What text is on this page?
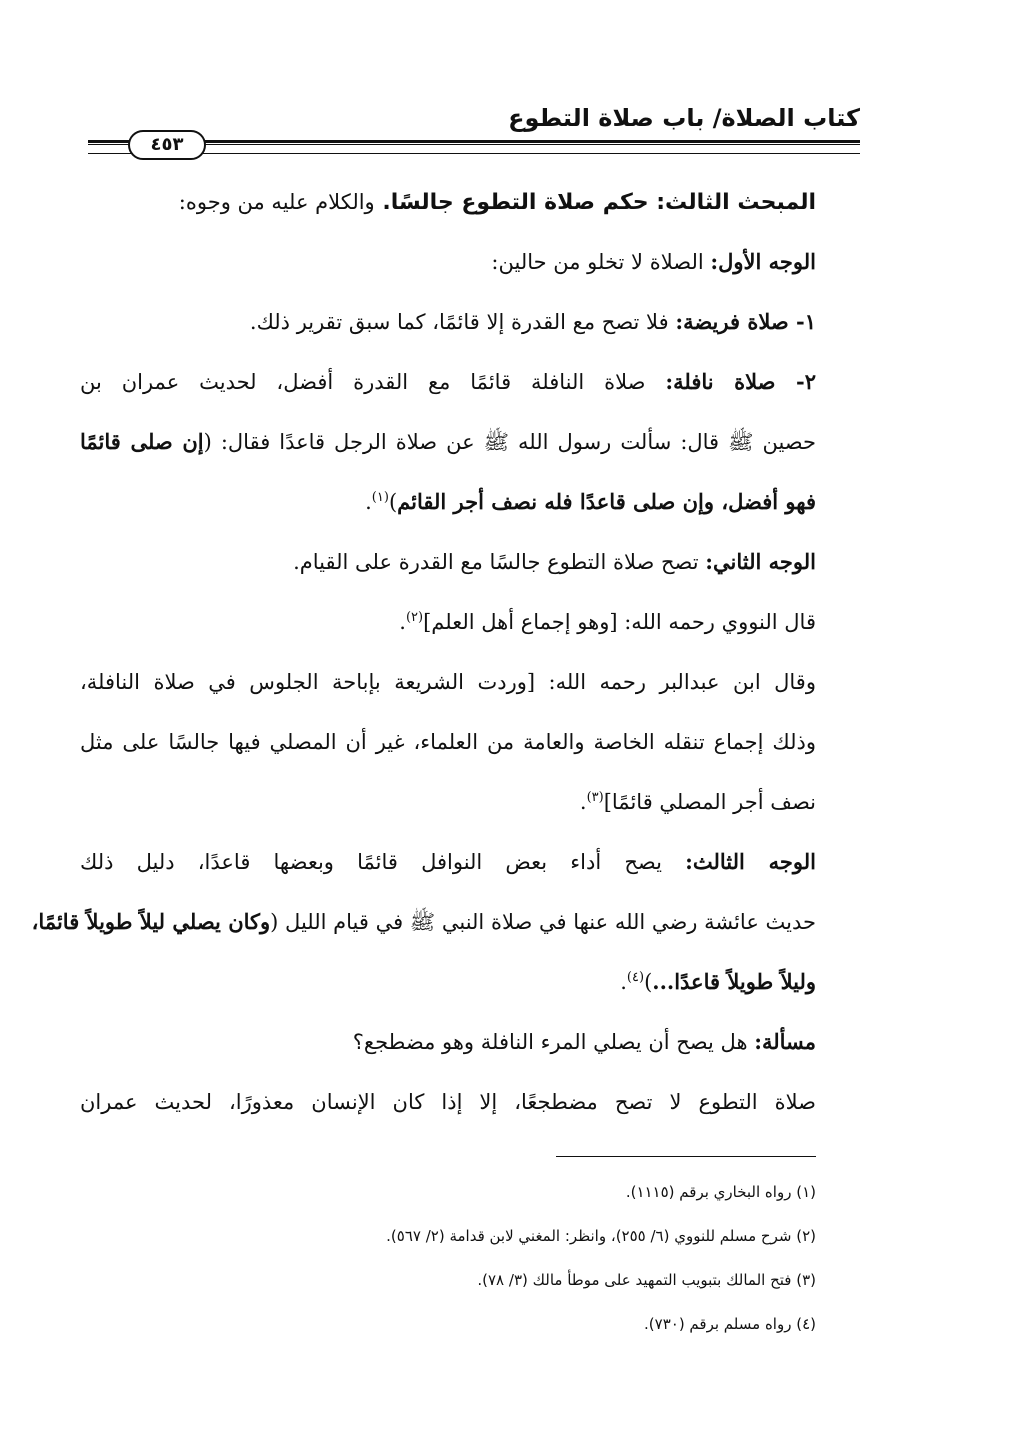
كتاب الصلاة/ باب صلاة التطوع
٤٥٣
المبحث الثالث: حكم صلاة التطوع جالسًا. والكلام عليه من وجوه:
الوجه الأول: الصلاة لا تخلو من حالين:
١- صلاة فريضة: فلا تصح مع القدرة إلا قائمًا، كما سبق تقرير ذلك.
٢- صلاة نافلة: صلاة النافلة قائمًا مع القدرة أفضل، لحديث عمران بن
حصين ﷺ قال: سألت رسول الله ﷺ عن صلاة الرجل قاعدًا فقال: (إن صلى قائمًا
فهو أفضل، وإن صلى قاعدًا فله نصف أجر القائم)$^{(١)}$.
الوجه الثاني: تصح صلاة التطوع جالسًا مع القدرة على القيام.
قال النووي رحمه الله: [وهو إجماع أهل العلم]$^{(٢)}$.
وقال ابن عبدالبر رحمه الله: [وردت الشريعة بإباحة الجلوس في صلاة النافلة،
وذلك إجماع تنقله الخاصة والعامة من العلماء، غير أن المصلي فيها جالسًا على مثل
نصف أجر المصلي قائمًا]$^{(٣)}$.
الوجه الثالث: يصح أداء بعض النوافل قائمًا وبعضها قاعدًا، دليل ذلك
حديث عائشة رضي الله عنها في صلاة النبي ﷺ في قيام الليل (وكان يصلي ليلاً طويلاً قائمًا،
وليلاً طويلاً قاعدًا...)$^{(٤)}$.
مسألة: هل يصح أن يصلي المرء النافلة وهو مضطجع؟
صلاة التطوع لا تصح مضطجعًا، إلا إذا كان الإنسان معذورًا، لحديث عمران
(١) رواه البخاري برقم (١١١٥).
(٢) شرح مسلم للنووي (٦/ ٢٥٥)، وانظر: المغني لابن قدامة (٢/ ٥٦٧).
(٣) فتح المالك بتبويب التمهيد على موطأ مالك (٣/ ٧٨).
(٤) رواه مسلم برقم (٧٣٠).
